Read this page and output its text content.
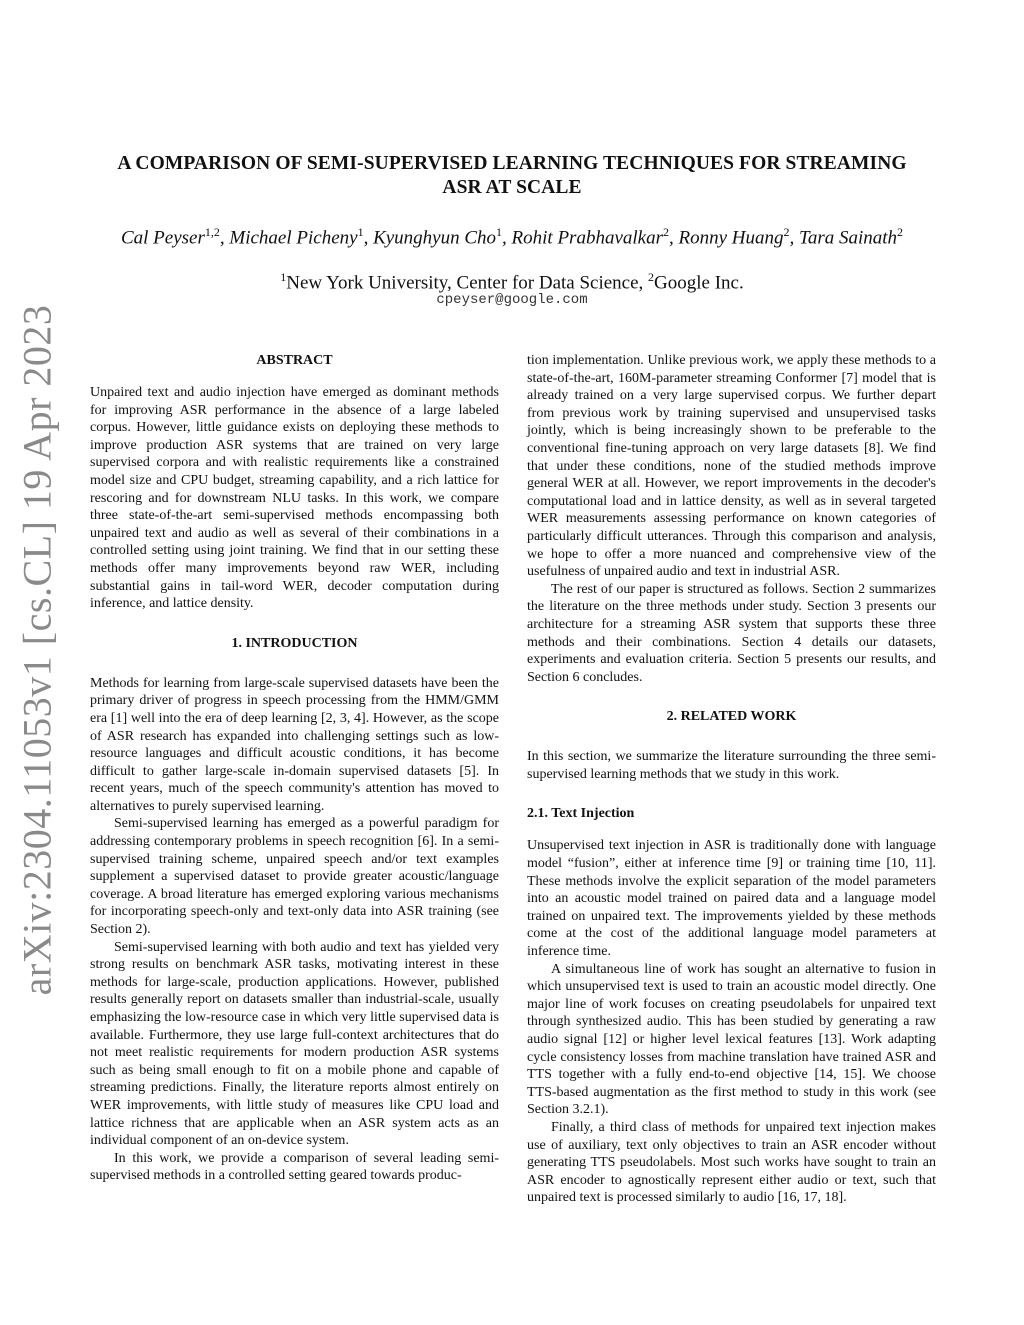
arXiv:2304.11053v1 [cs.CL] 19 Apr 2023
A COMPARISON OF SEMI-SUPERVISED LEARNING TECHNIQUES FOR STREAMING
ASR AT SCALE
Cal Peyser$^{1,2}$, Michael Picheny$^1$, Kyunghyun Cho$^1$, Rohit Prabhavalkar$^2$, Ronny Huang$^2$, Tara Sainath$^2$
$^1$New York University, Center for Data Science, $^2$Google Inc.
cpeyser@google.com
ABSTRACT

Unpaired text and audio injection have emerged as dominant methods for improving ASR performance in the absence of a large labeled corpus. However, little guidance exists on deploying these methods to improve production ASR systems that are trained on very large supervised corpora and with realistic requirements like a constrained model size and CPU budget, streaming capability, and a rich lattice for rescoring and for downstream NLU tasks. In this work, we compare three state-of-the-art semi-supervised methods encompassing both unpaired text and audio as well as several of their combinations in a controlled setting using joint training. We find that in our setting these methods offer many improvements beyond raw WER, including substantial gains in tail-word WER, decoder computation during inference, and lattice density.

1. INTRODUCTION

Methods for learning from large-scale supervised datasets have been the primary driver of progress in speech processing from the HMM/GMM era [1] well into the era of deep learning [2, 3, 4]. However, as the scope of ASR research has expanded into challenging settings such as low-resource languages and difficult acoustic conditions, it has become difficult to gather large-scale in-domain supervised datasets [5]. In recent years, much of the speech community's attention has moved to alternatives to purely supervised learning.

Semi-supervised learning has emerged as a powerful paradigm for addressing contemporary problems in speech recognition [6]. In a semi-supervised training scheme, unpaired speech and/or text examples supplement a supervised dataset to provide greater acoustic/language coverage. A broad literature has emerged exploring various mechanisms for incorporating speech-only and text-only data into ASR training (see Section 2).

Semi-supervised learning with both audio and text has yielded very strong results on benchmark ASR tasks, motivating interest in these methods for large-scale, production applications. However, published results generally report on datasets smaller than industrial-scale, usually emphasizing the low-resource case in which very little supervised data is available. Furthermore, they use large full-context architectures that do not meet realistic requirements for modern production ASR systems such as being small enough to fit on a mobile phone and capable of streaming predictions. Finally, the literature reports almost entirely on WER improvements, with little study of measures like CPU load and lattice richness that are applicable when an ASR system acts as an individual component of an on-device system.

In this work, we provide a comparison of several leading semi-supervised methods in a controlled setting geared towards produc-

tion implementation. Unlike previous work, we apply these methods to a state-of-the-art, 160M-parameter streaming Conformer [7] model that is already trained on a very large supervised corpus. We further depart from previous work by training supervised and unsupervised tasks jointly, which is being increasingly shown to be preferable to the conventional fine-tuning approach on very large datasets [8]. We find that under these conditions, none of the studied methods improve general WER at all. However, we report improvements in the decoder's computational load and in lattice density, as well as in several targeted WER measurements assessing performance on known categories of particularly difficult utterances. Through this comparison and analysis, we hope to offer a more nuanced and comprehensive view of the usefulness of unpaired audio and text in industrial ASR.

The rest of our paper is structured as follows. Section 2 summarizes the literature on the three methods under study. Section 3 presents our architecture for a streaming ASR system that supports these three methods and their combinations. Section 4 details our datasets, experiments and evaluation criteria. Section 5 presents our results, and Section 6 concludes.

2. RELATED WORK

In this section, we summarize the literature surrounding the three semi-supervised learning methods that we study in this work.

2.1. Text Injection

Unsupervised text injection in ASR is traditionally done with language model “fusion”, either at inference time [9] or training time [10, 11]. These methods involve the explicit separation of the model parameters into an acoustic model trained on paired data and a language model trained on unpaired text. The improvements yielded by these methods come at the cost of the additional language model parameters at inference time.

A simultaneous line of work has sought an alternative to fusion in which unsupervised text is used to train an acoustic model directly. One major line of work focuses on creating pseudolabels for unpaired text through synthesized audio. This has been studied by generating a raw audio signal [12] or higher level lexical features [13]. Work adapting cycle consistency losses from machine translation have trained ASR and TTS together with a fully end-to-end objective [14, 15]. We choose TTS-based augmentation as the first method to study in this work (see Section 3.2.1).

Finally, a third class of methods for unpaired text injection makes use of auxiliary, text only objectives to train an ASR encoder without generating TTS pseudolabels. Most such works have sought to train an ASR encoder to agnostically represent either audio or text, such that unpaired text is processed similarly to audio [16, 17, 18].
